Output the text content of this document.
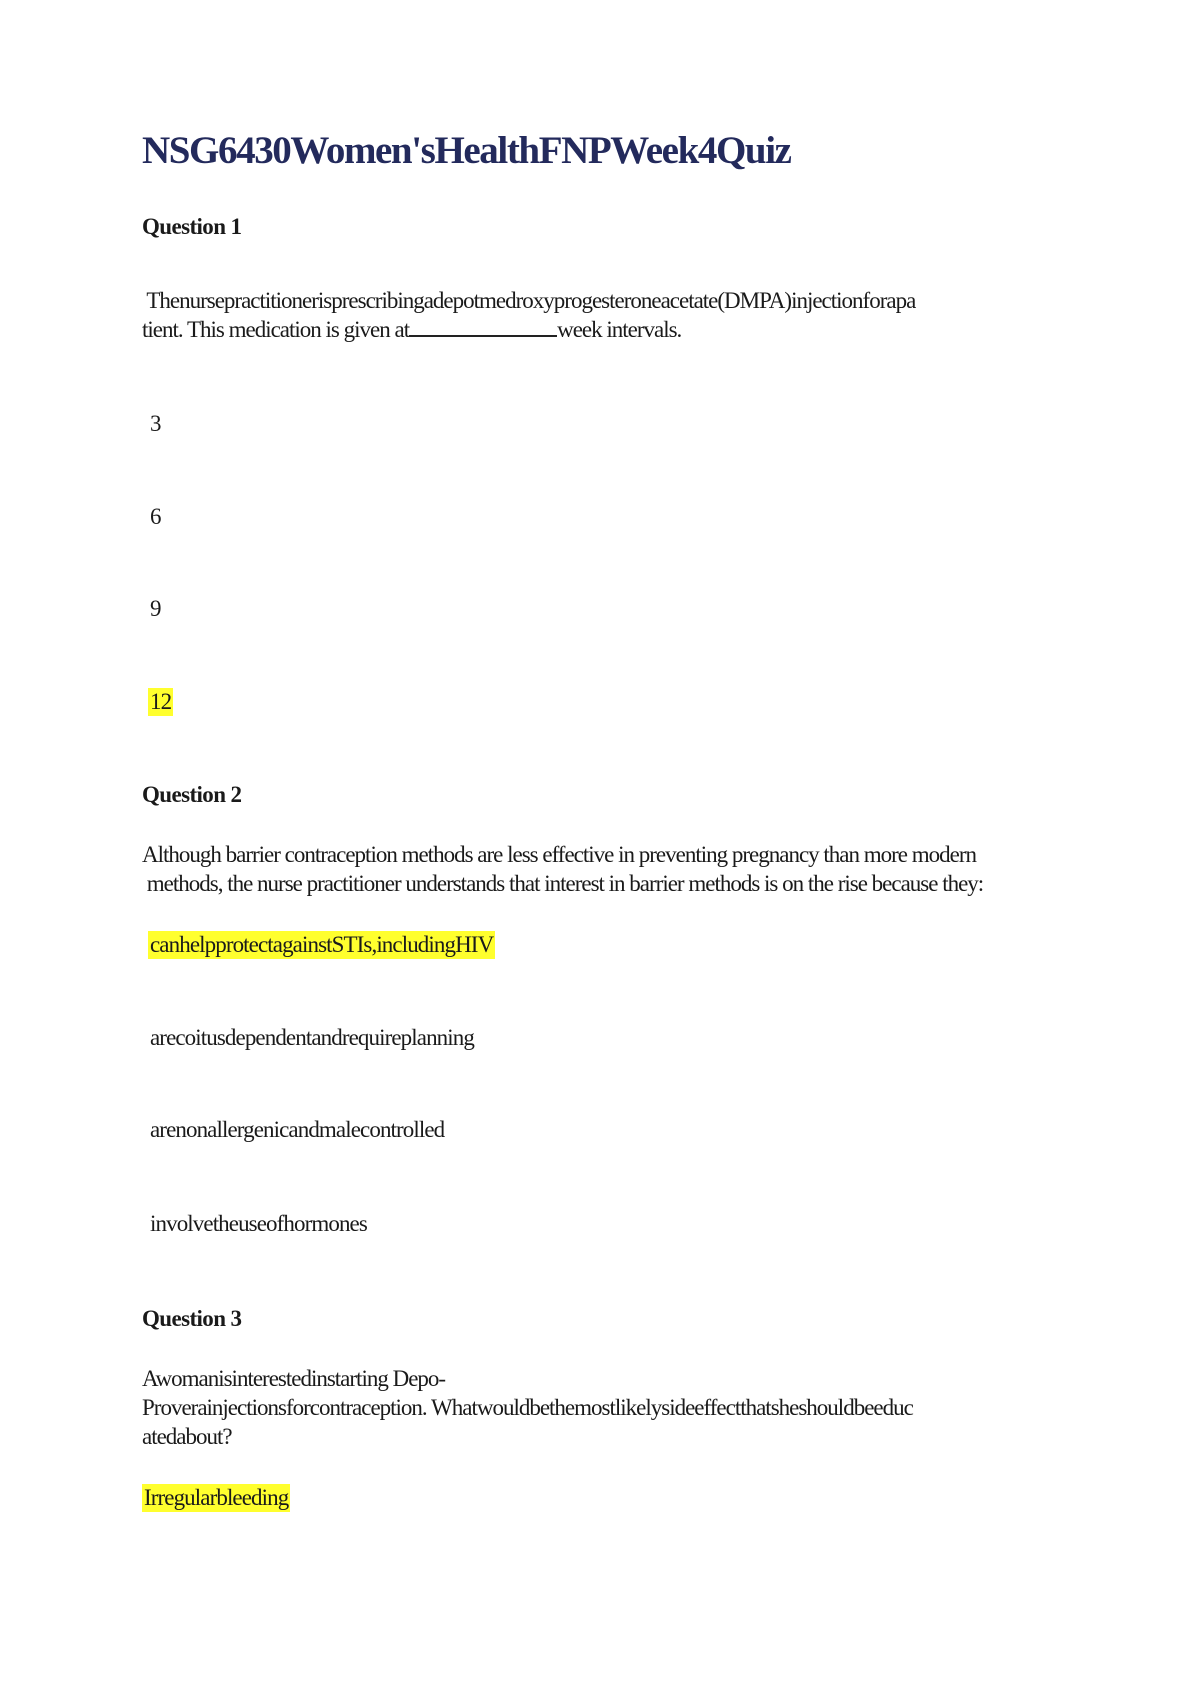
NSG6430Women'sHealthFNPWeek4Quiz
Question 1
Thenursepractitionerisprescribingadepotmedroxyprogesteroneacetate(DMPA)injectionforapa
tient. This medication is given at	week intervals.
3
6
9
12
Question 2
Although barrier contraception methods are less effective in preventing pregnancy than more modern
methods, the nurse practitioner understands that interest in barrier methods is on the rise because they:
canhelpprotectagainstSTIs,includingHIV
arecoitusdependentandrequireplanning
arenonallergenicandmalecontrolled
involvetheuseofhormones
Question 3
Awomanisinterestedinstarting Depo-
Proverainjectionsforcontraception. Whatwouldbethemostlikelysideeffectthatsheshouldbeeduc
atedabout?
Irregularbleeding
